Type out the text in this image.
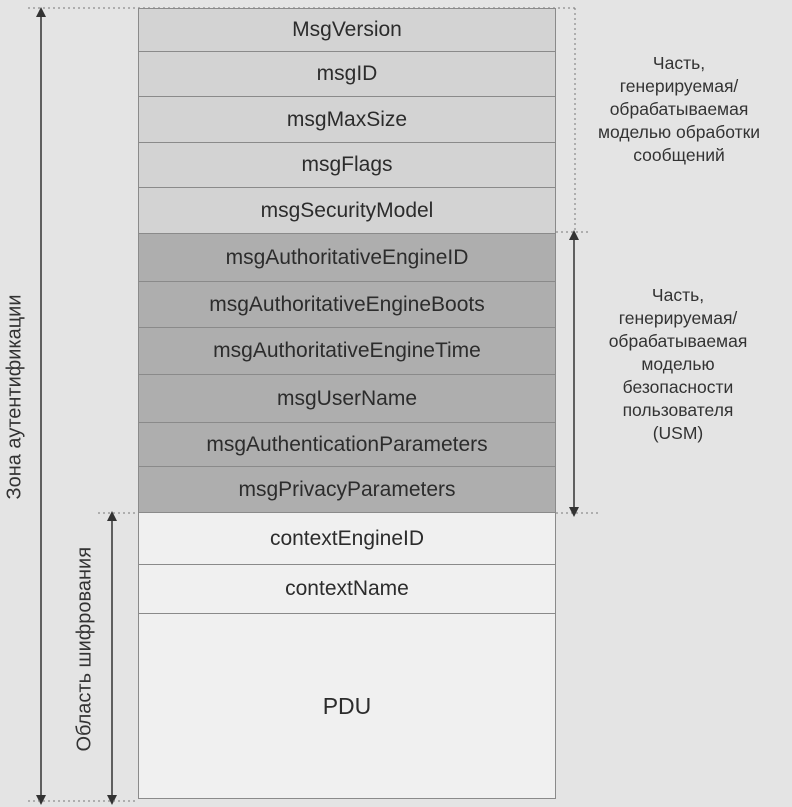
MsgVersion
msgID
msgMaxSize
msgFlags
msgSecurityModel
msgAuthoritativeEngineID
msgAuthoritativeEngineBoots
msgAuthoritativeEngineTime
msgUserName
msgAuthenticationParameters
msgPrivacyParameters
contextEngineID
contextName
PDU
Часть,
генерируемая/
обрабатываемая
моделью обработки
сообщений
Часть,
генерируемая/
обрабатываемая
моделью
безопасности
пользователя
(USM)
Зона аутентификации
Область шифрования
